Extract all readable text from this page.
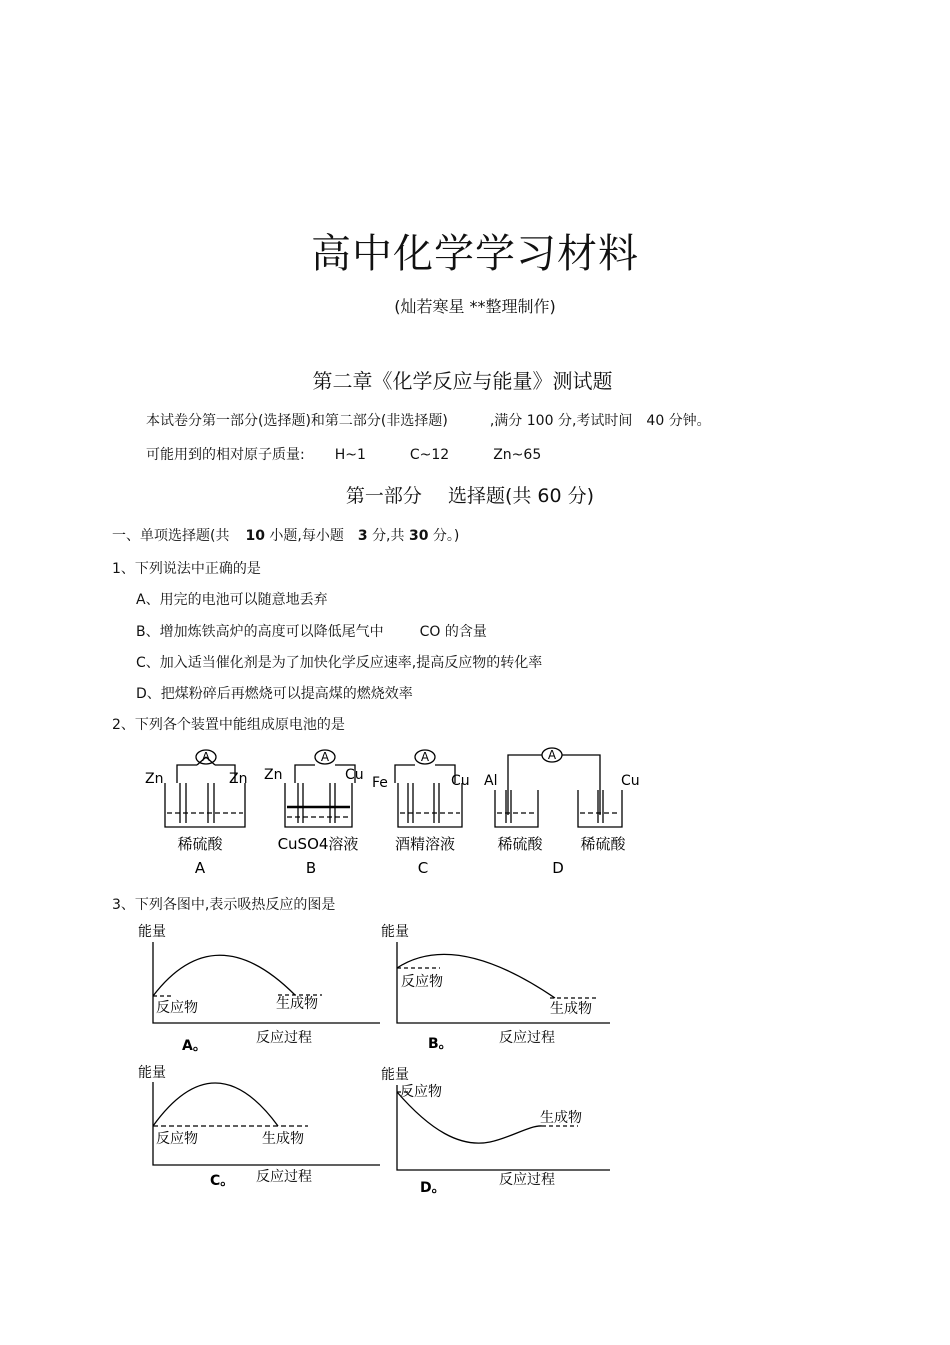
高中化学学习材料
(灿若寒星 **整理制作)
第二章《化学反应与能量》测试题
本试卷分第一部分(选择题)和第二部分(非选择题)	,满分 100 分,考试时间 40 分钟。
可能用到的相对原子质量: H~1	C~12	Zn~65
第一部分 选择题(共 60 分)
一、单项选择题(共 10 小题,每小题 3 分,共 30 分。)
1、下列说法中正确的是
A、用完的电池可以随意地丢弃
B、增加炼铁高炉的高度可以降低尾气中	CO 的含量
C、加入适当催化剂是为了加快化学反应速率,提高反应物的转化率
D、把煤粉碎后再燃烧可以提高煤的燃烧效率
2、下列各个装置中能组成原电池的是
A	A	A	A
Zn	Zn Zn	Cu Fe	Cu Al	Cu
稀硫酸	CuSO4溶液 酒精溶液	稀硫酸	稀硫酸
A	B	C	D
3、下列各图中,表示吸热反应的图是
能量
反应物	生成物
反应过程
A。
能量
反应物
生成物
反应过程
B。
能量
反应物	生成物
反应过程
C。
能量
反应物
生成物
反应过程
D。
